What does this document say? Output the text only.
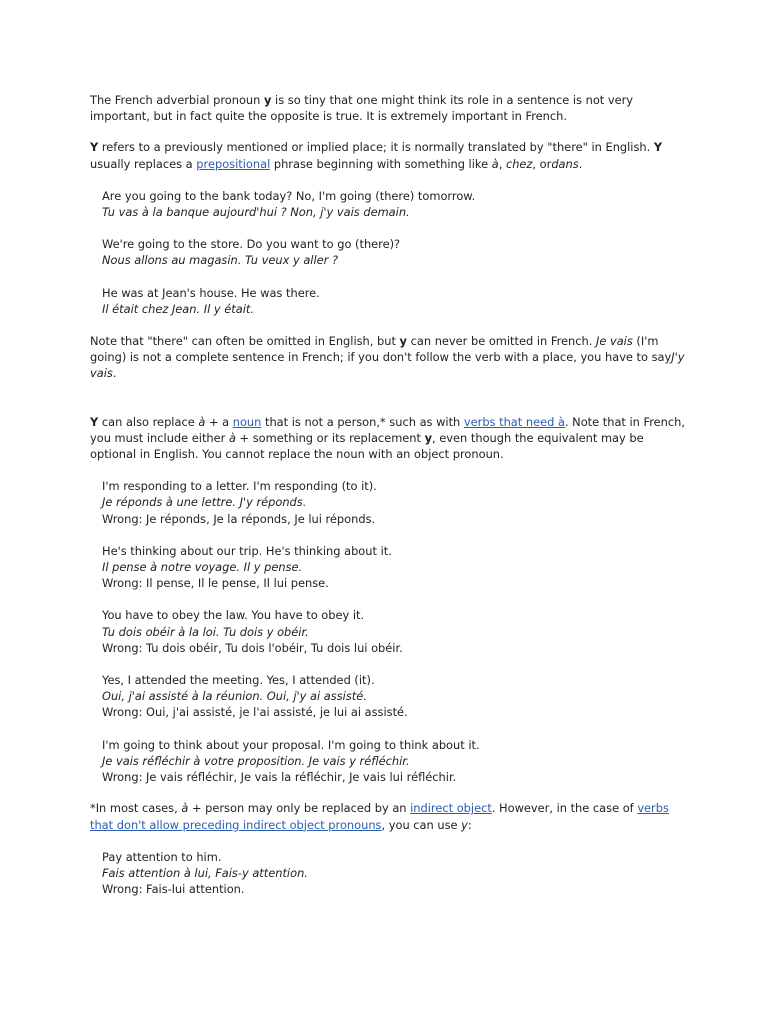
The French adverbial pronoun y is so tiny that one might think its role in a sentence is not very important, but in fact quite the opposite is true. It is extremely important in French.

Y refers to a previously mentioned or implied place; it is normally translated by "there" in English. Y usually replaces a prepositional phrase beginning with something like à, chez, ordans.

Are you going to the bank today? No, I'm going (there) tomorrow.
Tu vas à la banque aujourd'hui ? Non, j'y vais demain.
We're going to the store. Do you want to go (there)?
Nous allons au magasin. Tu veux y aller ?
He was at Jean's house. He was there.
Il était chez Jean. Il y était.

Note that "there" can often be omitted in English, but y can never be omitted in French. Je vais (I'm going) is not a complete sentence in French; if you don't follow the verb with a place, you have to sayJ'y vais.

Y can also replace à + a noun that is not a person,* such as with verbs that need à. Note that in French, you must include either à + something or its replacement y, even though the equivalent may be optional in English. You cannot replace the noun with an object pronoun.

I'm responding to a letter. I'm responding (to it).
Je réponds à une lettre. J'y réponds.
Wrong: Je réponds, Je la réponds, Je lui réponds.
He's thinking about our trip. He's thinking about it.
Il pense à notre voyage. Il y pense.
Wrong: Il pense, Il le pense, Il lui pense.
You have to obey the law. You have to obey it.
Tu dois obéir à la loi. Tu dois y obéir.
Wrong: Tu dois obéir, Tu dois l'obéir, Tu dois lui obéir.
Yes, I attended the meeting. Yes, I attended (it).
Oui, j'ai assisté à la réunion. Oui, j'y ai assisté.
Wrong: Oui, j'ai assisté, je l'ai assisté, je lui ai assisté.
I'm going to think about your proposal. I'm going to think about it.
Je vais réfléchir à votre proposition. Je vais y réfléchir.
Wrong: Je vais réfléchir, Je vais la réfléchir, Je vais lui réfléchir.

*In most cases, à + person may only be replaced by an indirect object. However, in the case of verbs that don't allow preceding indirect object pronouns, you can use y:

Pay attention to him.
Fais attention à lui, Fais-y attention.
Wrong: Fais-lui attention.
